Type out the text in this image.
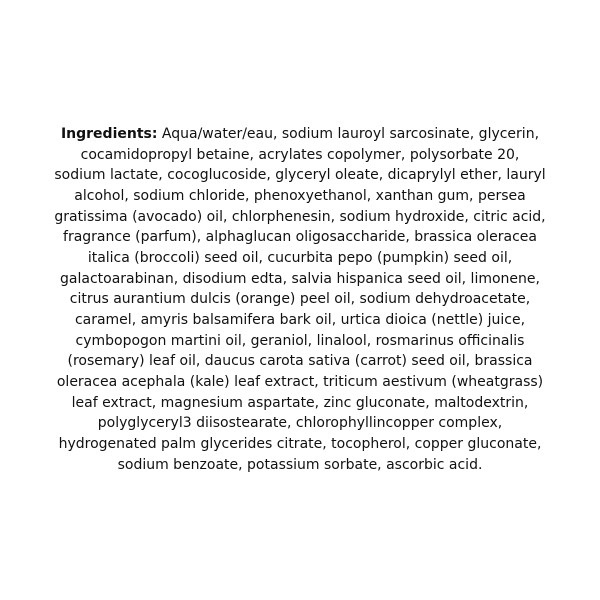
Ingredients: Aqua/water/eau, sodium lauroyl sarcosinate, glycerin,
cocamidopropyl betaine, acrylates copolymer, polysorbate 20,
sodium lactate, cocoglucoside, glyceryl oleate, dicaprylyl ether, lauryl
alcohol, sodium chloride, phenoxyethanol, xanthan gum, persea
gratissima (avocado) oil, chlorphenesin, sodium hydroxide, citric acid,
fragrance (parfum), alphaglucan oligosaccharide, brassica oleracea
italica (broccoli) seed oil, cucurbita pepo (pumpkin) seed oil,
galactoarabinan, disodium edta, salvia hispanica seed oil, limonene,
citrus aurantium dulcis (orange) peel oil, sodium dehydroacetate,
caramel, amyris balsamifera bark oil, urtica dioica (nettle) juice,
cymbopogon martini oil, geraniol, linalool, rosmarinus officinalis
(rosemary) leaf oil, daucus carota sativa (carrot) seed oil, brassica
oleracea acephala (kale) leaf extract, triticum aestivum (wheatgrass)
leaf extract, magnesium aspartate, zinc gluconate, maltodextrin,
polyglyceryl3 diisostearate, chlorophyllincopper complex,
hydrogenated palm glycerides citrate, tocopherol, copper gluconate,
sodium benzoate, potassium sorbate, ascorbic acid.
